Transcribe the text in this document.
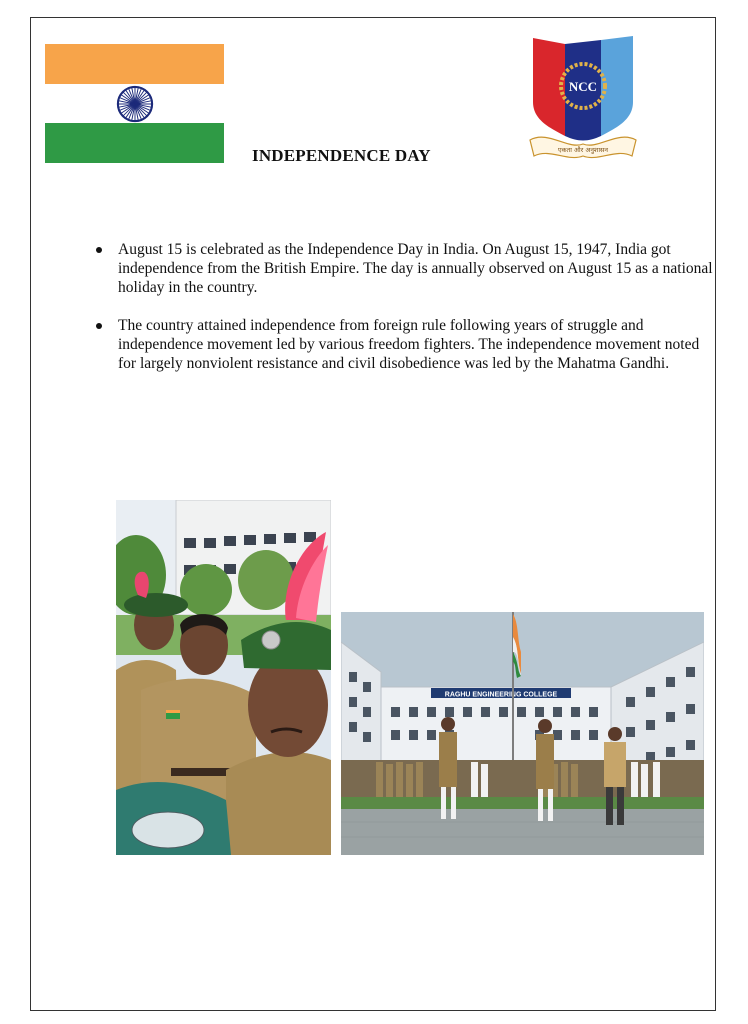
NCC
एकता और अनुशासन
INDEPENDENCE DAY
August 15 is celebrated as the Independence Day in India. On August 15, 1947, India got independence from the British Empire. The day is annually observed on August 15 as a national holiday in the country.
The country attained independence from foreign rule following years of struggle and independence movement led by various freedom fighters. The independence movement noted for largely nonviolent resistance and civil disobedience was led by the Mahatma Gandhi.
RAGHU ENGINEERING COLLEGE
